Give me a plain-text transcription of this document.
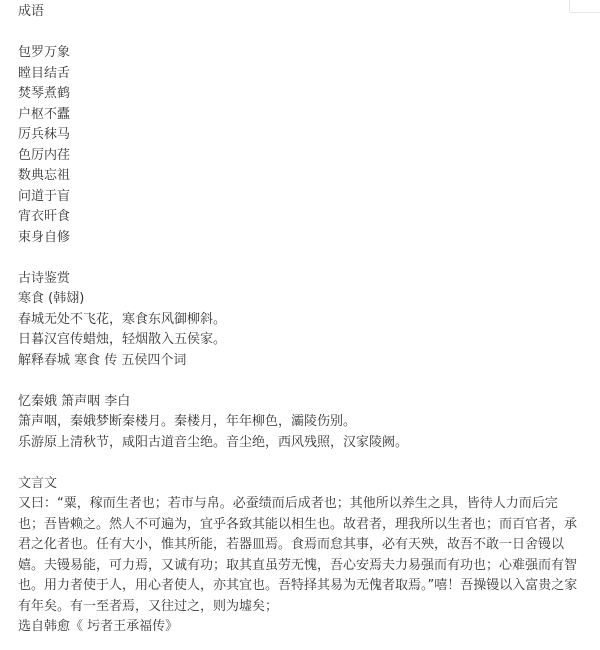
成语
包罗万象
瞠目结舌
焚琴煮鹤
户枢不蠹
厉兵秣马
色厉内荏
数典忘祖
问道于盲
宵衣旰食
束身自修
古诗鉴赏
寒食 (韩翃)
春城无处不飞花，寒食东风御柳斜。
日暮汉宫传蜡烛，轻烟散入五侯家。
解释春城 寒食 传 五侯四个词
忆秦娥 箫声咽 李白
箫声咽，秦娥梦断秦楼月。秦楼月，年年柳色，灞陵伤别。
乐游原上清秋节，咸阳古道音尘绝。音尘绝，西风残照，汉家陵阙。
文言文
又曰：“粟，稼而生者也；若市与帛。必蚕绩而后成者也；其他所以养生之具，皆待人力而后完也；吾皆赖之。然人不可遍为，宜乎各致其能以相生也。故君者，理我所以生者也；而百官者，承君之化者也。任有大小，惟其所能，若器皿焉。食焉而怠其事，必有天殃，故吾不敢一日舍镘以嬉。夫镘易能，可力焉，又诚有功；取其直虽劳无愧，吾心安焉夫力易强而有功也；心难强而有智也。用力者使于人，用心者使人，亦其宜也。吾特择其易为无傀者取焉。”嘻！吾操镘以入富贵之家有年矣。有一至者焉，又往过之，则为墟矣；
选自韩愈《 圬者王承福传》
